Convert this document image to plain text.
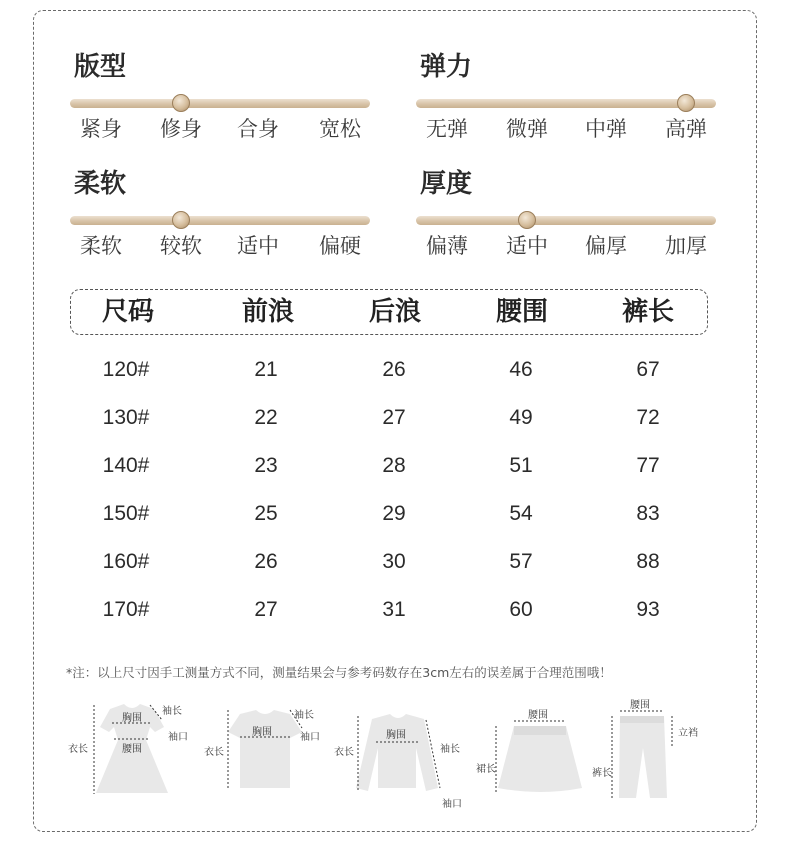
版型
紧身	修身	合身	宽松
弹力
无弹	微弹	中弹	高弹
柔软
柔软	较软	适中	偏硬
厚度
偏薄	适中	偏厚	加厚
尺码	前浪	后浪	腰围	裤长
120#	21	26	46	67
130#	22	27	49	72
140#	23	28	51	77
150#	25	29	54	83
160#	26	30	57	88
170#	27	31	60	93
*注：以上尺寸因手工测量方式不同，测量结果会与参考码数存在3cm左右的误差属于合理范围哦！
胸围
腰围
袖长
袖口
衣长
胸围
袖长
袖口
衣长
胸围
袖长
袖口
衣长
腰围
裙长
腰围
立裆
裤长
